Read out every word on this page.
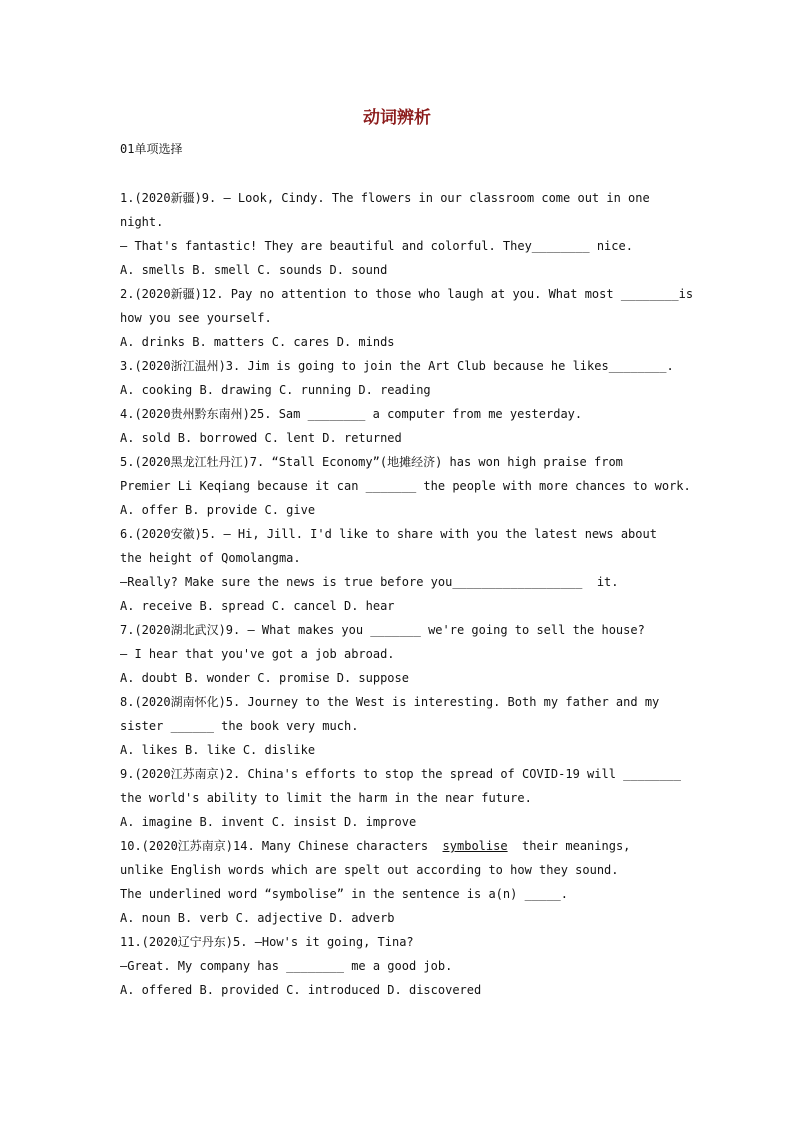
动词辨析
01单项选择
1.(2020新疆)9. — Look, Cindy. The flowers in our classroom come out in one
night.
— That's fantastic! They are beautiful and colorful. They________ nice.
A. smells B. smell C. sounds D. sound
2.(2020新疆)12. Pay no attention to those who laugh at you. What most ________is
how you see yourself.
A. drinks B. matters C. cares D. minds
3.(2020浙江温州)3. Jim is going to join the Art Club because he likes________.
A. cooking B. drawing C. running D. reading
4.(2020贵州黔东南州)25. Sam ________ a computer from me yesterday.
A. sold B. borrowed C. lent D. returned
5.(2020黑龙江牡丹江)7. “Stall Economy”(地摊经济) has won high praise from
Premier Li Keqiang because it can _______ the people with more chances to work.
A. offer B. provide C. give
6.(2020安徽)5. — Hi, Jill. I'd like to share with you the latest news about
the height of Qomolangma.
—Really? Make sure the news is true before you__________________  it.
A. receive B. spread C. cancel D. hear
7.(2020湖北武汉)9. — What makes you _______ we're going to sell the house?
— I hear that you've got a job abroad.
A. doubt B. wonder C. promise D. suppose
8.(2020湖南怀化)5. Journey to the West is interesting. Both my father and my
sister ______ the book very much.
A. likes B. like C. dislike
9.(2020江苏南京)2. China's efforts to stop the spread of COVID-19 will ________
the world's ability to limit the harm in the near future.
A. imagine B. invent C. insist D. improve
10.(2020江苏南京)14. Many Chinese characters  symbolise  their meanings,
unlike English words which are spelt out according to how they sound.
The underlined word “symbolise” in the sentence is a(n) _____.
A. noun B. verb C. adjective D. adverb
11.(2020辽宁丹东)5. —How's it going, Tina?
—Great. My company has ________ me a good job.
A. offered B. provided C. introduced D. discovered
